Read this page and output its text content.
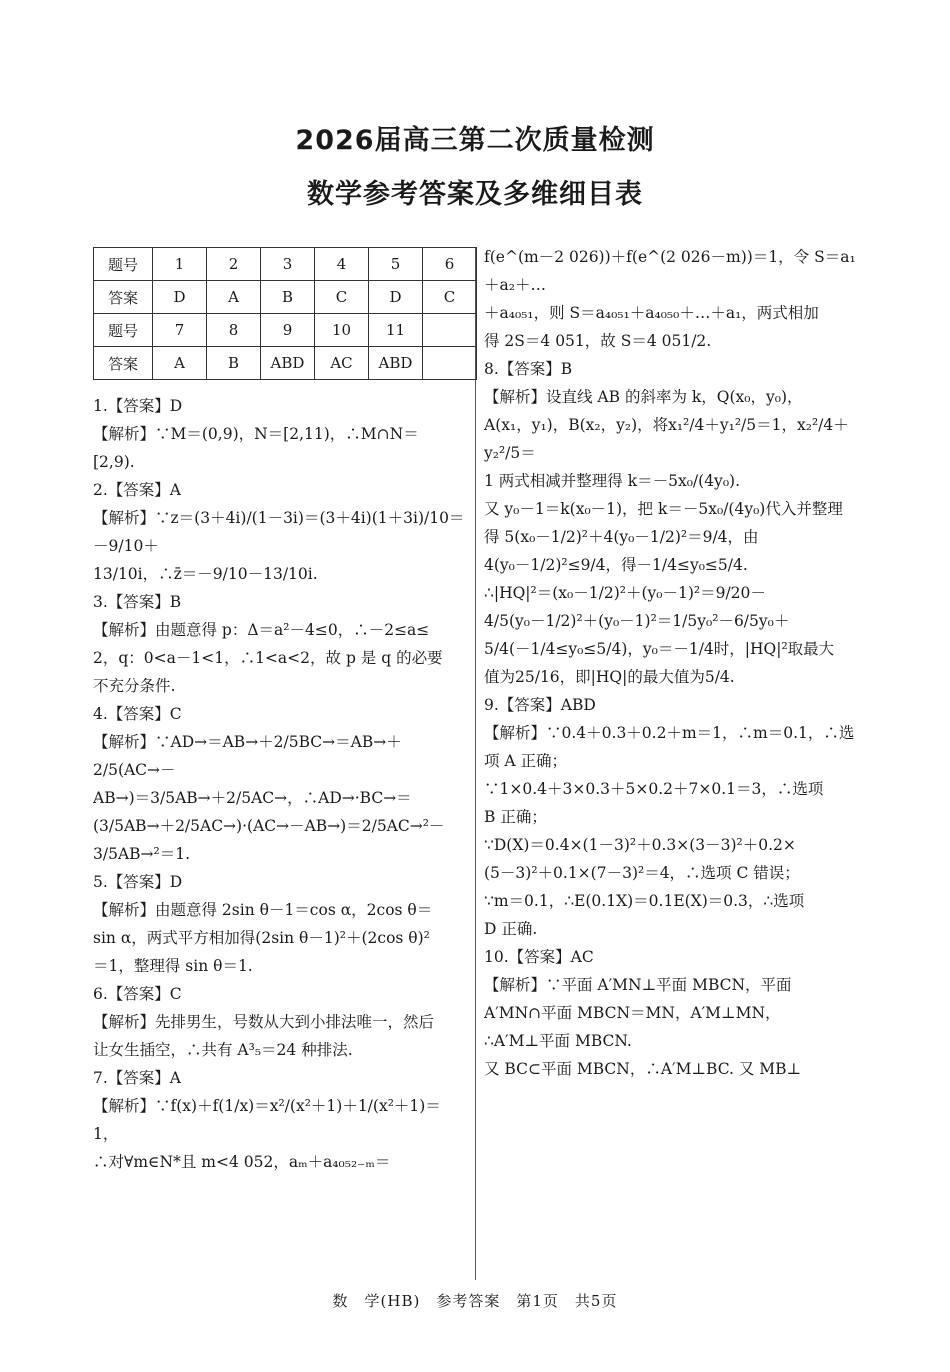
2026届高三第二次质量检测
数学参考答案及多维细目表
题号	1	2	3	4	5	6
答案	D	A	B	C	D	C
题号	7	8	9	10	11	
答案	A	B	ABD	AC	ABD	

1.【答案】D

【解析】∵M＝(0,9)，N＝[2,11)，∴M∩N＝

[2,9).

2.【答案】A

【解析】∵z＝(3＋4i)/(1－3i)＝(3＋4i)(1＋3i)/10＝－9/10＋

13/10i，∴z̄＝－9/10－13/10i.

3.【答案】B

【解析】由题意得 p：Δ＝a²－4≤0，∴－2≤a≤

2，q：0<a－1<1，∴1<a<2，故 p 是 q 的必要

不充分条件.

4.【答案】C

【解析】∵AD→＝AB→＋2/5BC→＝AB→＋2/5(AC→－

AB→)＝3/5AB→＋2/5AC→，∴AD→·BC→＝

(3/5AB→＋2/5AC→)·(AC→－AB→)＝2/5AC→²－

3/5AB→²＝1.

5.【答案】D

【解析】由题意得 2sin θ－1＝cos α，2cos θ＝

sin α，两式平方相加得(2sin θ－1)²＋(2cos θ)²

＝1，整理得 sin θ＝1.

6.【答案】C

【解析】先排男生，号数从大到小排法唯一，然后

让女生插空，∴共有 A³₅＝24 种排法.

7.【答案】A

【解析】∵f(x)＋f(1/x)＝x²/(x²＋1)＋1/(x²＋1)＝1，

∴对∀m∈N*且 m<4 052，aₘ＋a₄₀₅₂₋ₘ＝

f(e^(m－2 026))＋f(e^(2 026－m))＝1，令 S＝a₁＋a₂＋…

＋a₄₀₅₁，则 S＝a₄₀₅₁＋a₄₀₅₀＋…＋a₁，两式相加

得 2S＝4 051，故 S＝4 051/2.

8.【答案】B

【解析】设直线 AB 的斜率为 k，Q(x₀，y₀)，

A(x₁，y₁)，B(x₂，y₂)，将x₁²/4＋y₁²/5＝1，x₂²/4＋y₂²/5＝

1 两式相减并整理得 k＝－5x₀/(4y₀).

又 y₀－1＝k(x₀－1)，把 k＝－5x₀/(4y₀)代入并整理

得 5(x₀－1/2)²＋4(y₀－1/2)²＝9/4，由

4(y₀－1/2)²≤9/4，得－1/4≤y₀≤5/4.

∴|HQ|²＝(x₀－1/2)²＋(y₀－1)²＝9/20－

4/5(y₀－1/2)²＋(y₀－1)²＝1/5y₀²－6/5y₀＋

5/4(－1/4≤y₀≤5/4)，y₀＝－1/4时，|HQ|²取最大

值为25/16，即|HQ|的最大值为5/4.

9.【答案】ABD

【解析】∵0.4＋0.3＋0.2＋m＝1，∴m＝0.1，∴选

项 A 正确；

∵1×0.4＋3×0.3＋5×0.2＋7×0.1＝3，∴选项

B 正确；

∵D(X)＝0.4×(1－3)²＋0.3×(3－3)²＋0.2×

(5－3)²＋0.1×(7－3)²＝4，∴选项 C 错误；

∵m＝0.1，∴E(0.1X)＝0.1E(X)＝0.3，∴选项

D 正确.

10.【答案】AC

【解析】∵平面 A′MN⊥平面 MBCN，平面

A′MN∩平面 MBCN＝MN，A′M⊥MN，

∴A′M⊥平面 MBCN.

又 BC⊂平面 MBCN，∴A′M⊥BC. 又 MB⊥

数　学(HB)　参考答案　第1页　共5页
